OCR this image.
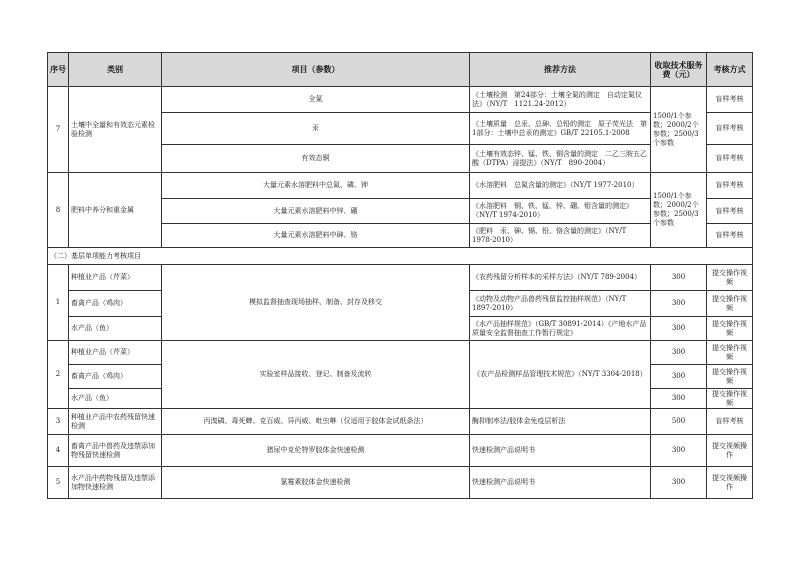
序号	类别	项目（参数）	推荐方法	收取技术服务费（元）	考核方式
7	土壤中全量和有效态元素检验检测	全氮	《土壤检测　第24部分：土壤全氮的测定　自动定氮仪法》（NY/T　1121.24-2012）	1500/1个参数；2000/2个参数；2500/3个参数	盲样考核
		汞	《土壤质量　总汞、总砷、总铅的测定　原子荧光法　第1部分：土壤中总汞的测定》GB/T 22105.1-2008		盲样考核
		有效态铜	《土壤有效态锌、锰、铁、铜含量的测定　二乙三胺五乙酸（DTPA）浸提法》（NY/T　890-2004）		盲样考核
8	肥料中养分和重金属	大量元素水溶肥料中总氮、磷、钾	《水溶肥料　总氮含量的测定》（NY/T 1977-2010）	1500/1个参数；2000/2个参数；2500/3个参数	盲样考核
		大量元素水溶肥料中锌、硼	《水溶肥料　铜、铁、锰、锌、硼、钼含量的测定》（NY/T 1974-2010）		盲样考核
		大量元素水溶肥料中砷、铬	《肥料　汞、砷、镉、铅、铬含量的测定》（NY/T 1978-2010）		盲样考核
（二）基层单项能力考核项目					
1	种植业产品（芹菜）	模拟监督抽查现场抽样、制备、封存及移交	《农药残留分析样本的采样方法》（NY/T 789-2004）	300	提交操作视频
	畜禽产品（鸡肉）		《动物及动物产品兽药残留监控抽样规范》（NY/T 1897-2010）	300	提交操作视频
	水产品（鱼）		《水产品抽样规范》（GB/T 30891-2014）《产地水产品质量安全监督抽查工作暂行规定》	300	提交操作视频
2	种植业产品（芹菜）	实验室样品接收、登记、制备及流转	《农产品检测样品管理技术规范》（NY/T 3304-2018）	300	提交操作视频
	畜禽产品（鸡肉）			300	提交操作视频
	水产品（鱼）			300	提交操作视频
3	种植业产品中农药残留快速检测	丙溴磷、毒死蜱、克百威、异丙威、吡虫啉（仅适用于胶体金试纸条法）	酶抑制率法/胶体金免疫层析法	500	盲样考核
4	畜禽产品中兽药及违禁添加物残留快速检测	猪尿中克伦特罗胶体金快速检测	快速检测产品说明书	300	提交视频操作
5	水产品中药物残留及违禁添加物快速检测	氯霉素胶体金快速检测	快速检测产品说明书	300	提交视频操作
